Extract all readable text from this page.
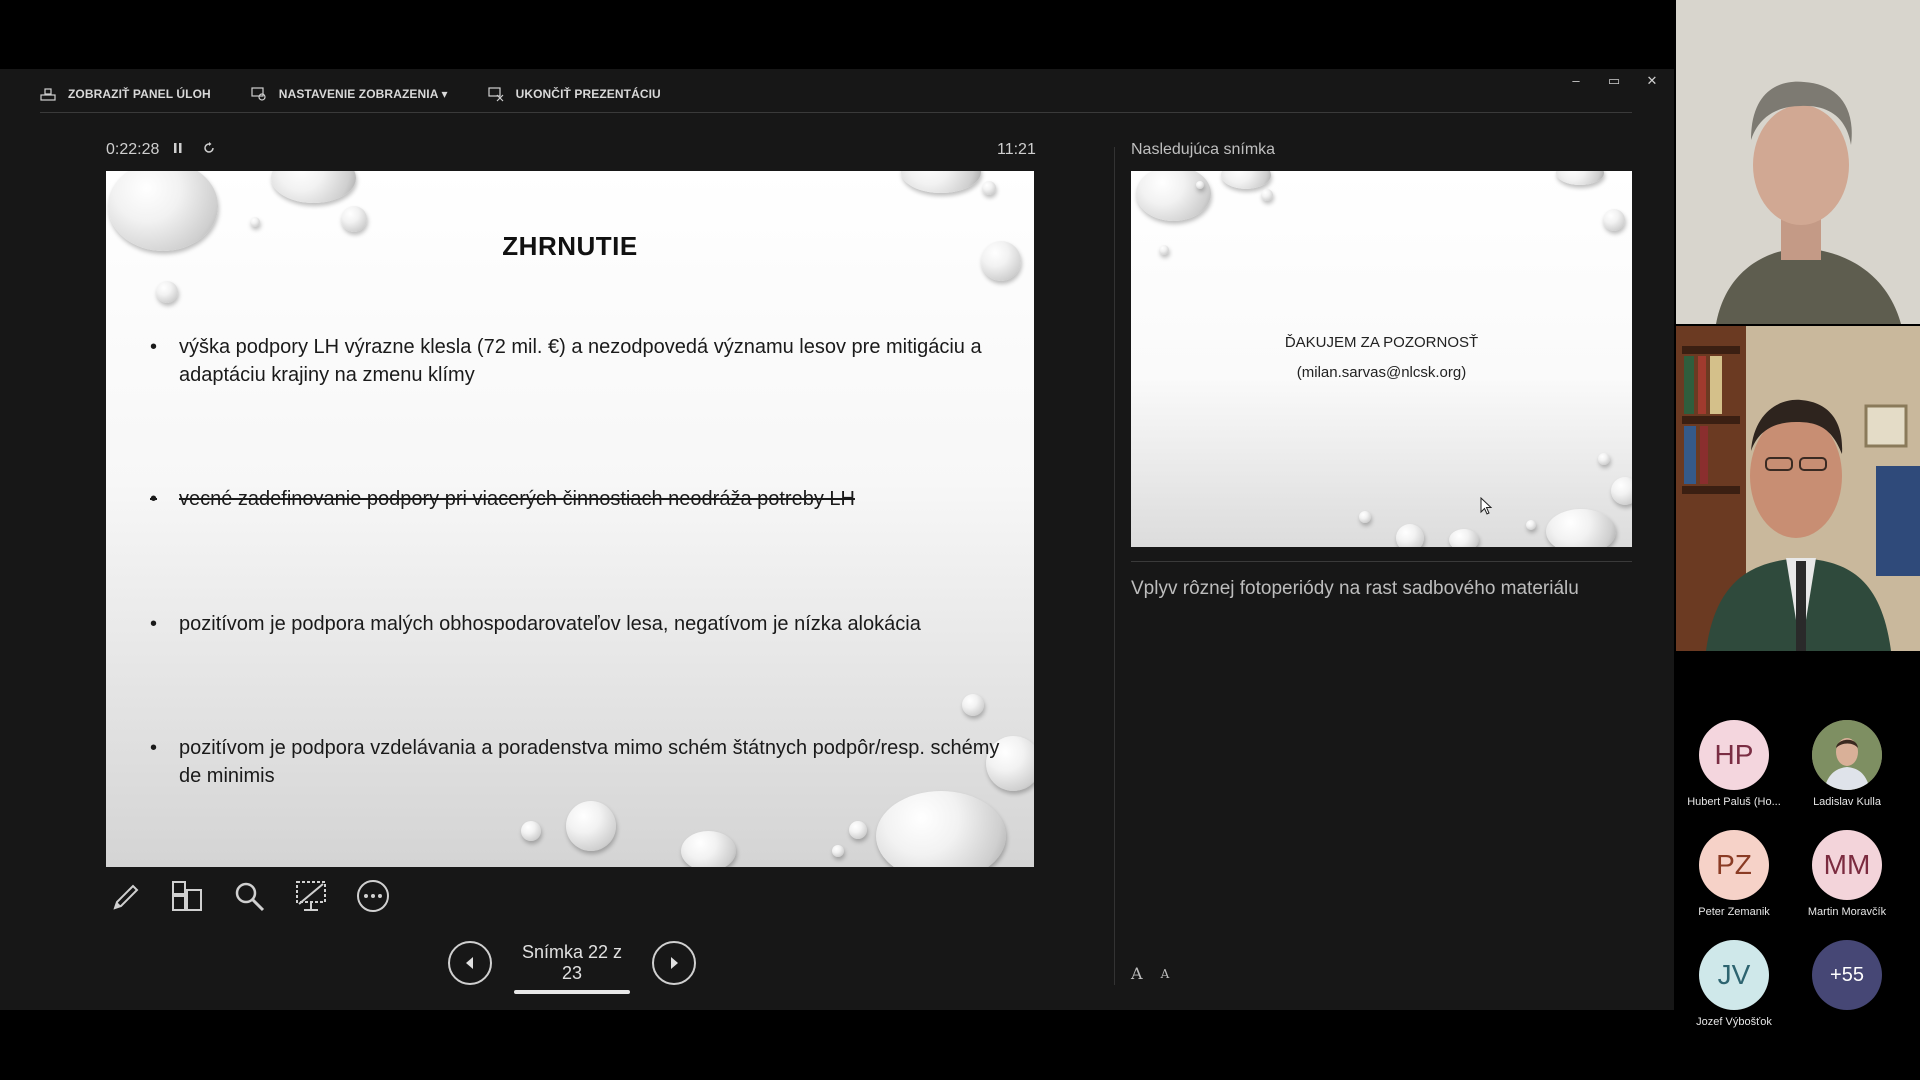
ZOBRAZIŤ PANEL ÚLOH	NASTAVENIE ZOBRAZENIA ▾	UKONČIŤ PREZENTÁCIU
–	▭	✕
0:22:28	11:21
ZHRNUTIE
•	výška podpory LH výrazne klesla (72 mil. €) a nezodpovedá významu lesov pre mitigáciu a adaptáciu krajiny na zmenu klímy
•	vecné zadefinovanie podpory pri viacerých činnostiach neodráža potreby LH
•	pozitívom je podpora malých obhospodarovateľov lesa, negatívom je nízka alokácia
•	pozitívom je podpora vzdelávania a poradenstva mimo schém štátnych podpôr/resp. schémy de minimis
Snímka 22 z 23
Nasledujúca snímka
ĎAKUJEM ZA POZORNOSŤ
(milan.sarvas@nlcsk.org)
Vplyv rôznej fotoperiódy na rast sadbového materiálu
A A
HP
Hubert Paluš (Ho...	Ladislav Kulla
PZ
Peter Zemanik
MM
Martin Moravčík
JV
Jozef Výbošťok
+55
